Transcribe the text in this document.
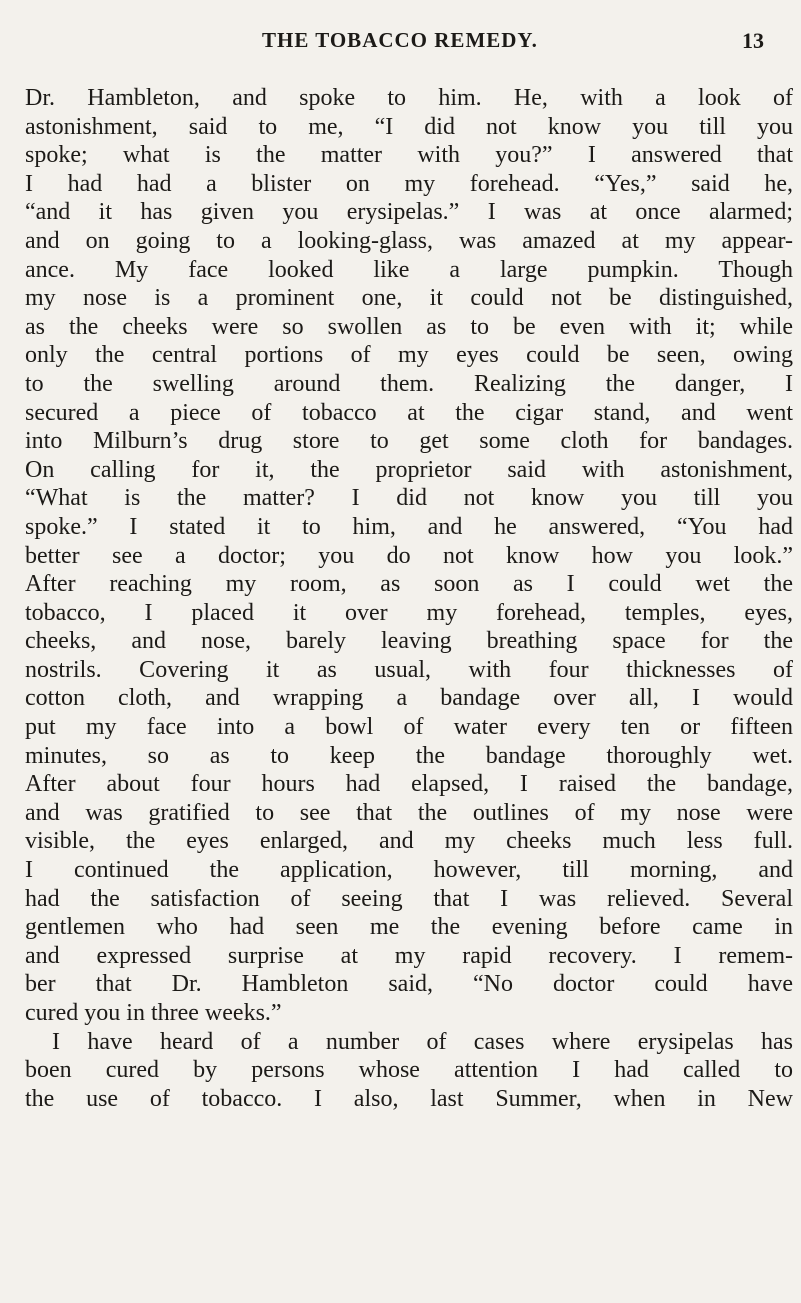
THE TOBACCO REMEDY.	13
Dr. Hambleton, and spoke to him. He, with a look of
astonishment, said to me, “I did not know you till you
spoke; what is the matter with you?” I answered that
I had had a blister on my forehead. “Yes,” said he,
“and it has given you erysipelas.” I was at once alarmed;
and on going to a looking-glass, was amazed at my appear-
ance. My face looked like a large pumpkin. Though
my nose is a prominent one, it could not be distinguished,
as the cheeks were so swollen as to be even with it; while
only the central portions of my eyes could be seen, owing
to the swelling around them. Realizing the danger, I
secured a piece of tobacco at the cigar stand, and went
into Milburn’s drug store to get some cloth for bandages.
On calling for it, the proprietor said with astonishment,
“What is the matter? I did not know you till you
spoke.” I stated it to him, and he answered, “You had
better see a doctor; you do not know how you look.”
After reaching my room, as soon as I could wet the
tobacco, I placed it over my forehead, temples, eyes,
cheeks, and nose, barely leaving breathing space for the
nostrils. Covering it as usual, with four thicknesses of
cotton cloth, and wrapping a bandage over all, I would
put my face into a bowl of water every ten or fifteen
minutes, so as to keep the bandage thoroughly wet.
After about four hours had elapsed, I raised the bandage,
and was gratified to see that the outlines of my nose were
visible, the eyes enlarged, and my cheeks much less full.
I continued the application, however, till morning, and
had the satisfaction of seeing that I was relieved. Several
gentlemen who had seen me the evening before came in
and expressed surprise at my rapid recovery. I remem-
ber that Dr. Hambleton said, “No doctor could have
cured you in three weeks.”
I have heard of a number of cases where erysipelas has
boen cured by persons whose attention I had called to
the use of tobacco. I also, last Summer, when in New
